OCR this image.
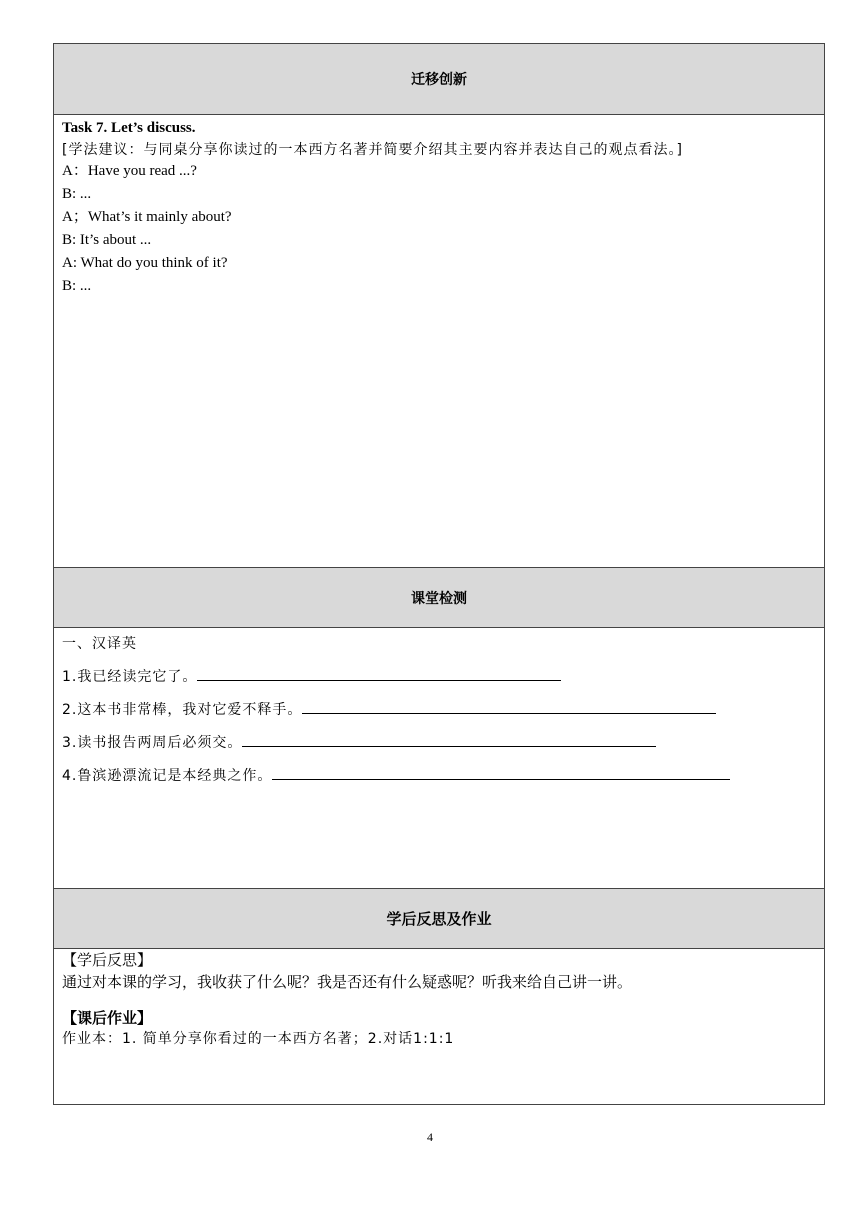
迁移创新
Task 7. Let’s discuss.
[学法建议：与同桌分享你读过的一本西方名著并简要介绍其主要内容并表达自己的观点看法。]
A：Have you read ...?
B: ...
A；What’s it mainly about?
B: It’s about ...
A: What do you think of it?
B: ...
课堂检测
一、汉译英
1.我已经读完它了。
2.这本书非常棒，我对它爱不释手。
3.读书报告两周后必须交。
4.鲁滨逊漂流记是本经典之作。
学后反思及作业
【学后反思】
通过对本课的学习，我收获了什么呢？我是否还有什么疑惑呢？听我来给自己讲一讲。
【课后作业】
作业本：1. 简单分享你看过的一本西方名著；2.对话1:1:1
4
